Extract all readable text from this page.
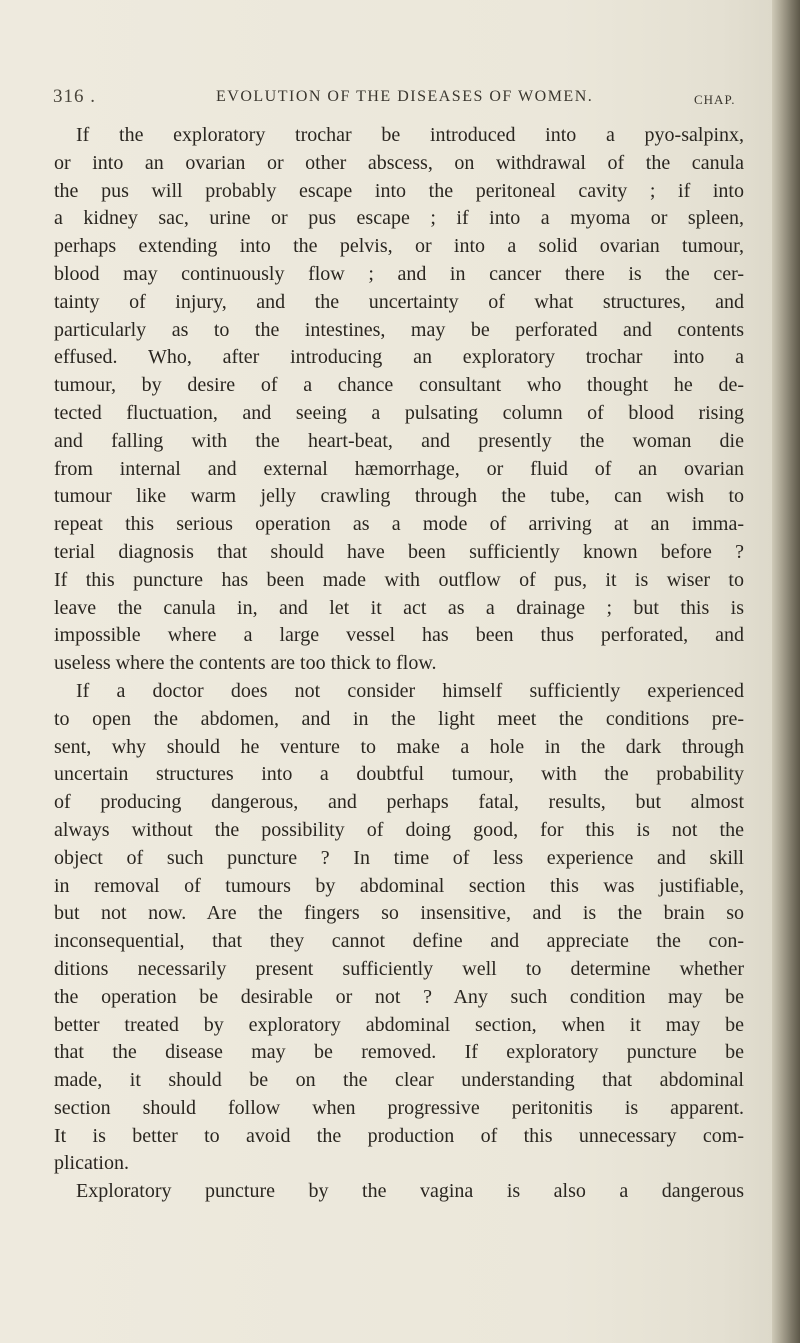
316 .	EVOLUTION OF THE DISEASES OF WOMEN.	CHAP.
If the exploratory trochar be introduced into a pyo-salpinx,
or into an ovarian or other abscess, on withdrawal of the canula
the pus will probably escape into the peritoneal cavity ; if into
a kidney sac, urine or pus escape ; if into a myoma or spleen,
perhaps extending into the pelvis, or into a solid ovarian tumour,
blood may continuously flow ; and in cancer there is the cer-
tainty of injury, and the uncertainty of what structures, and
particularly as to the intestines, may be perforated and contents
effused. Who, after introducing an exploratory trochar into a
tumour, by desire of a chance consultant who thought he de-
tected fluctuation, and seeing a pulsating column of blood rising
and falling with the heart-beat, and presently the woman die
from internal and external hæmorrhage, or fluid of an ovarian
tumour like warm jelly crawling through the tube, can wish to
repeat this serious operation as a mode of arriving at an imma-
terial diagnosis that should have been sufficiently known before ?
If this puncture has been made with outflow of pus, it is wiser to
leave the canula in, and let it act as a drainage ; but this is
impossible where a large vessel has been thus perforated, and
useless where the contents are too thick to flow.
If a doctor does not consider himself sufficiently experienced
to open the abdomen, and in the light meet the conditions pre-
sent, why should he venture to make a hole in the dark through
uncertain structures into a doubtful tumour, with the probability
of producing dangerous, and perhaps fatal, results, but almost
always without the possibility of doing good, for this is not the
object of such puncture ? In time of less experience and skill
in removal of tumours by abdominal section this was justifiable,
but not now. Are the fingers so insensitive, and is the brain so
inconsequential, that they cannot define and appreciate the con-
ditions necessarily present sufficiently well to determine whether
the operation be desirable or not ? Any such condition may be
better treated by exploratory abdominal section, when it may be
that the disease may be removed. If exploratory puncture be
made, it should be on the clear understanding that abdominal
section should follow when progressive peritonitis is apparent.
It is better to avoid the production of this unnecessary com-
plication.
Exploratory puncture by the vagina is also a dangerous
